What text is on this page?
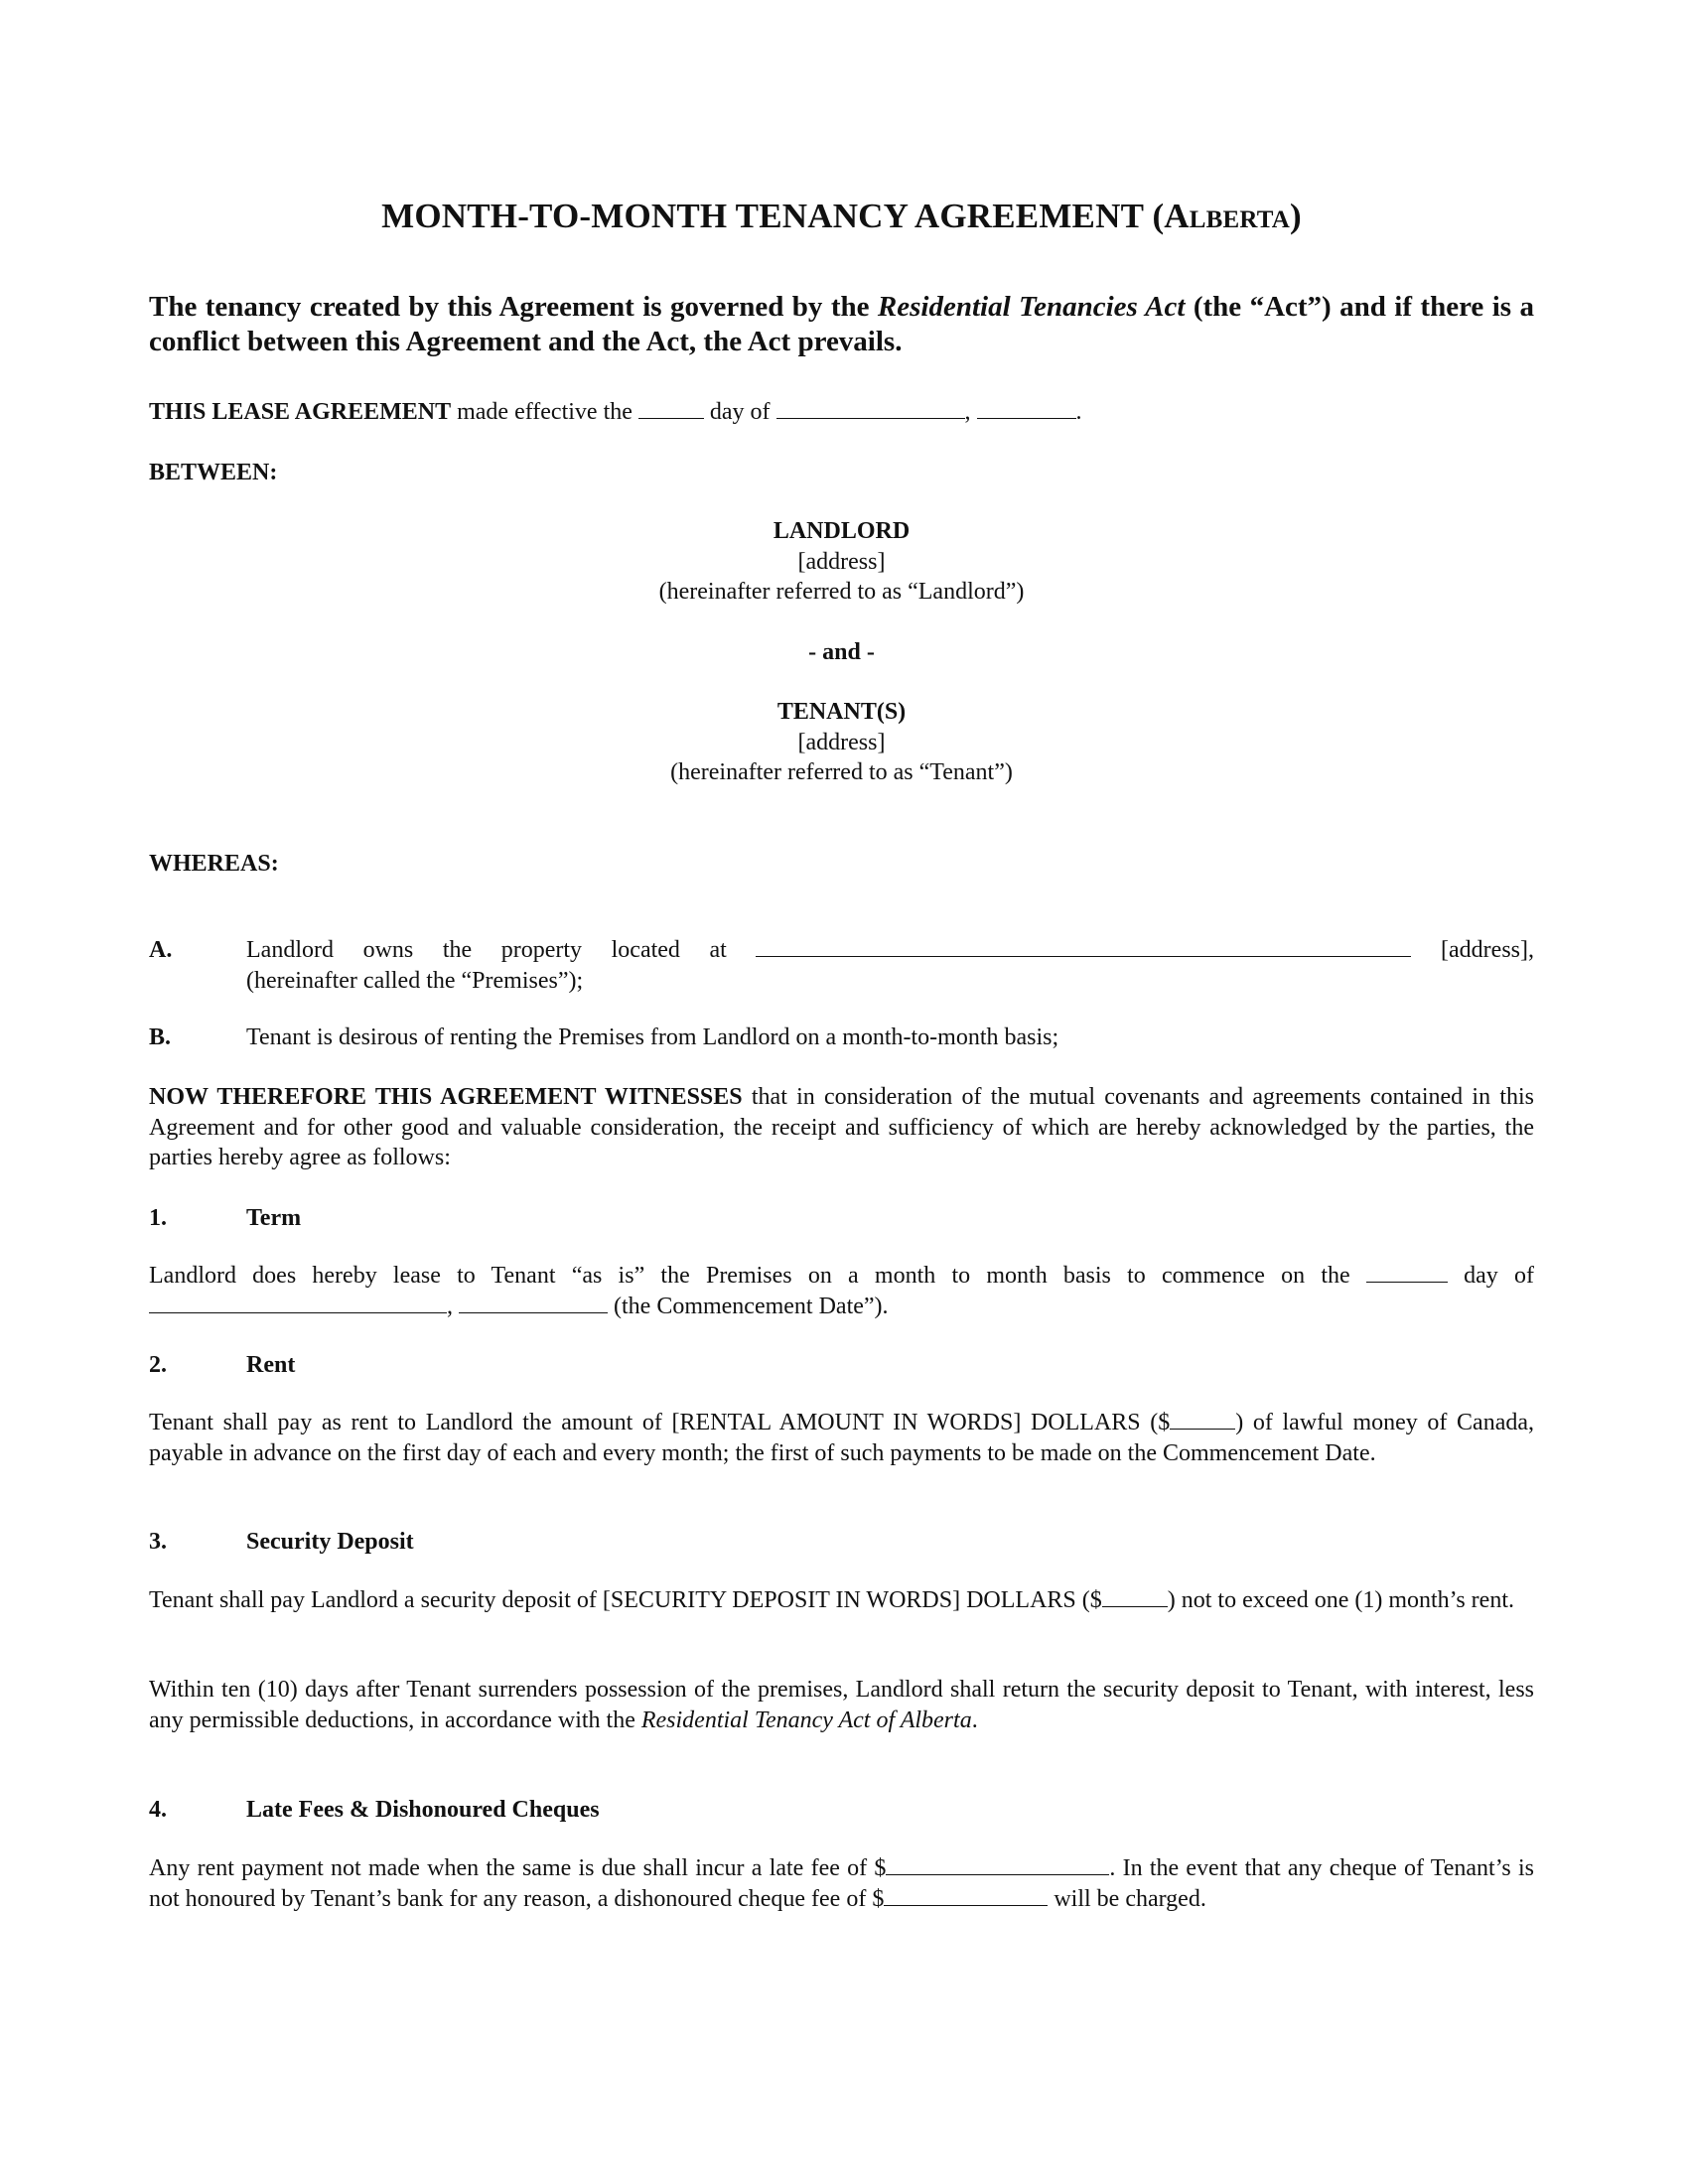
MONTH-TO-MONTH TENANCY AGREEMENT (Alberta)
The tenancy created by this Agreement is governed by the Residential Tenancies Act (the “Act”) and if there is a conflict between this Agreement and the Act, the Act prevails.
THIS LEASE AGREEMENT made effective the	day of	,	.
BETWEEN:
LANDLORD
[address]
(hereinafter referred to as “Landlord”)
- and -
TENANT(S)
[address]
(hereinafter referred to as “Tenant”)
WHEREAS:
A.	Landlord owns the property located at	[address],
(hereinafter called the “Premises”);
B.	Tenant is desirous of renting the Premises from Landlord on a month-to-month basis;
NOW THEREFORE THIS AGREEMENT WITNESSES that in consideration of the mutual covenants and agreements contained in this Agreement and for other good and valuable consideration, the receipt and sufficiency of which are hereby acknowledged by the parties, the parties hereby agree as follows:
1.	Term
Landlord does hereby lease to Tenant “as is” the Premises on a month to month basis to commence on the	day of ,	(the Commencement Date”).
2.	Rent
Tenant shall pay as rent to Landlord the amount of [RENTAL AMOUNT IN WORDS] DOLLARS ($	) of lawful money of Canada, payable in advance on the first day of each and every month; the first of such payments to be made on the Commencement Date.
3.	Security Deposit
Tenant shall pay Landlord a security deposit of [SECURITY DEPOSIT IN WORDS] DOLLARS ($	) not to exceed one (1) month’s rent.
Within ten (10) days after Tenant surrenders possession of the premises, Landlord shall return the security deposit to Tenant, with interest, less any permissible deductions, in accordance with the Residential Tenancy Act of Alberta.
4.	Late Fees & Dishonoured Cheques
Any rent payment not made when the same is due shall incur a late fee of $	. In the event that any cheque of Tenant’s is not honoured by Tenant’s bank for any reason, a dishonoured cheque fee of $	will be charged.
